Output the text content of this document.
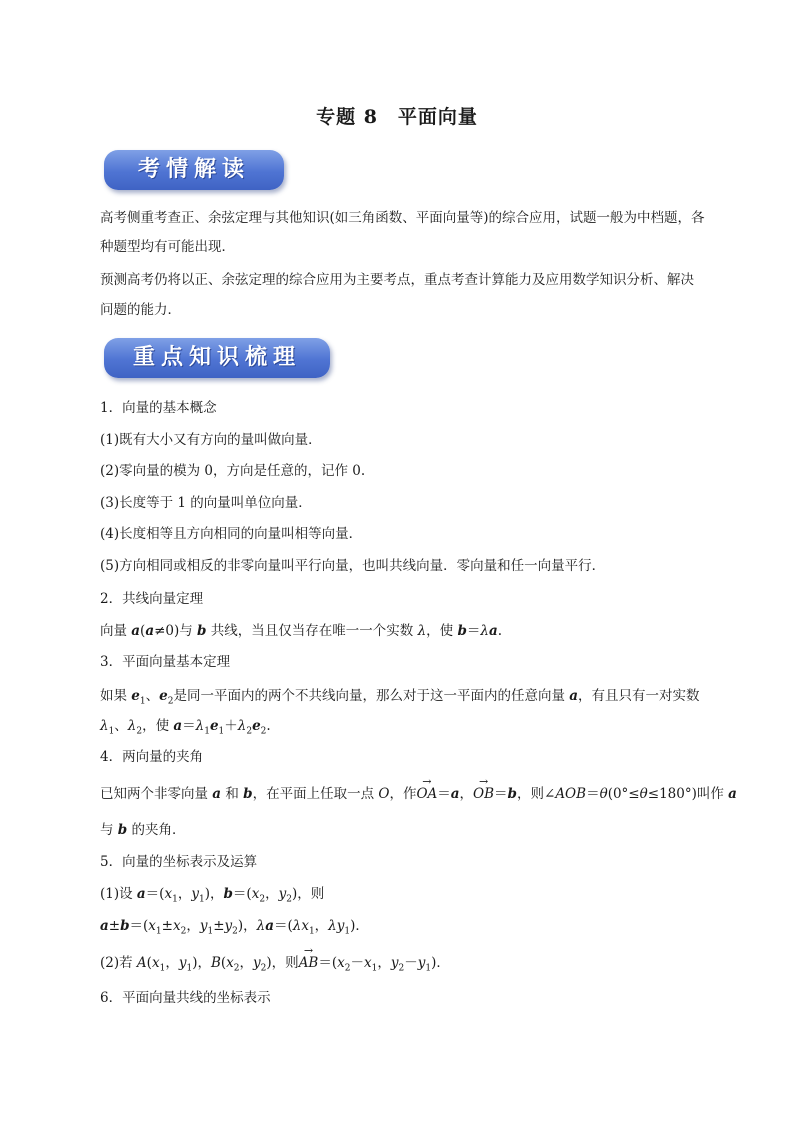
专题 8　平面向量
考情解读
高考侧重考查正、余弦定理与其他知识(如三角函数、平面向量等)的综合应用，试题一般为中档题，各
种题型均有可能出现．
预测高考仍将以正、余弦定理的综合应用为主要考点，重点考查计算能力及应用数学知识分析、解决
问题的能力．
重点知识梳理
1．向量的基本概念
(1)既有大小又有方向的量叫做向量．
(2)零向量的模为 0，方向是任意的，记作 0.
(3)长度等于 1 的向量叫单位向量．
(4)长度相等且方向相同的向量叫相等向量．
(5)方向相同或相反的非零向量叫平行向量，也叫共线向量．零向量和任一向量平行．
2．共线向量定理
向量 a(a≠0)与 b 共线，当且仅当存在唯一一个实数 λ，使 b＝λa.
3．平面向量基本定理
如果 $e_1$、$e_2$是同一平面内的两个不共线向量，那么对于这一平面内的任意向量 a，有且只有一对实数
$\lambda_1$、$\lambda_2$，使 $a=\lambda_1e_1+\lambda_2e_2$.
4．两向量的夹角
已知两个非零向量 a 和 b，在平面上任取一点 O，作→ OA＝a，→ OB＝b，则∠AOB＝θ(0°≤θ≤180°)叫作 a
与 b 的夹角．
5．向量的坐标表示及运算
(1)设 $a=(x_1$，$y_1$)，$b=(x_2$，$y_2$)，则
$a\pm b=(x_1\pm x_2$，$y_1\pm y_2$)，$\lambda a=(\lambda x_1$，$\lambda y_1$)．
(2)若 $A(x_1$，$y_1$)，$B(x_2$，$y_2$)，则→ $AB=(x_2-x_1$，$y_2-y_1$)．
6．平面向量共线的坐标表示
